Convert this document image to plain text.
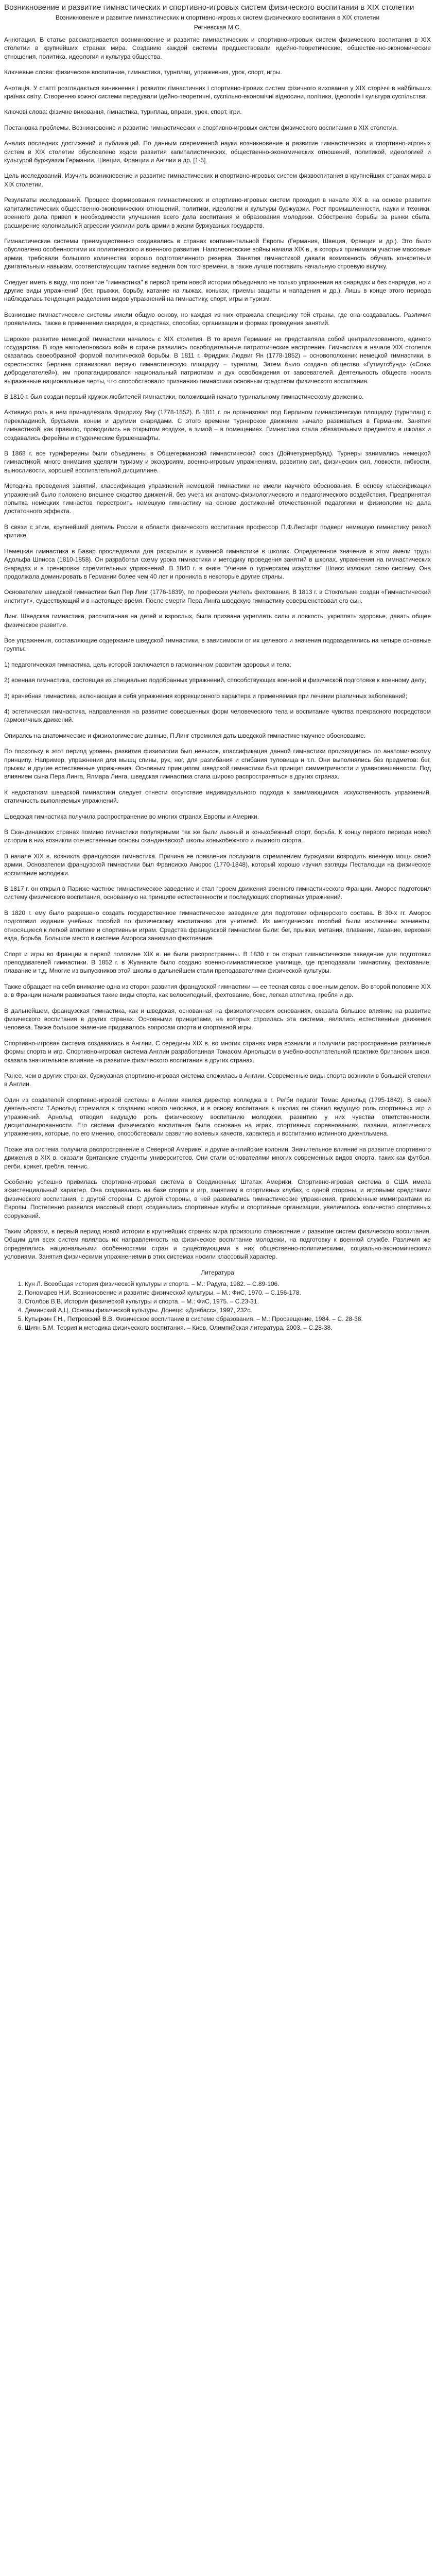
Возникновение и развитие гимнастических и спортивно-игровых систем физического воспитания в XIX столетии
Возникновение и развитие гимнастических и спортивно-игровых систем физического воспитания в XIX столетии
Регневская М.С.
Аннотация. В статье рассматривается возникновение и развитие гимнастических и спортивно-игровых систем физического воспитания в XIX столетии в крупнейших странах мира. Созданию каждой системы предшествовали идейно-теоретические, общественно-экономические отношения, политика, идеология и культура общества.
Ключевые слова: физическое воспитание, гимнастика, турнплац, упражнения, урок, спорт, игры.
Анотація. У статті розглядається виникнення і розвиток гімнастичних і спортивно-ігрових систем фізичного виховання у XIX сторіччі в найбільших країнах світу. Створенню кожної системи передували ідейно-теоретичні, суспільно-економічні відносини, політика, ідеологія і культура суспільства.
Ключові слова: фізичне виховання, гімнастика, турнплац, вправи, урок, спорт, ігри.
Постановка проблемы. Возникновение и развитие гимнастических и спортивно-игровых систем физического воспитания в XIX столетии.
Анализ последних достижений и публикаций. По данным современной науки возникновение и развитие гимнастических и спортивно-игровых систем в XIX столетии обусловлено ходом развития капиталистических, общественно-экономических отношений, политикой, идеологией и культурой буржуазии Германии, Швеции, Франции и Англии и др. [1-5].
Цель исследований. Изучить возникновение и развитие гимнастических и спортивно-игровых систем физвоспитания в крупнейших странах мира в XIX столетии.
Результаты исследований. Процесс формирования гимнастических и спортивно-игровых систем проходил в начале XIX в. на основе развития капиталистических общественно-экономических отношений, политики, идеологии и культуры буржуазии. Рост промышленности, науки и техники, военного дела привел к необходимости улучшения всего дела воспитания и образования молодежи. Обострение борьбы за рынки сбыта, расширение колониальной агрессии усилили роль армии в жизни буржуазных государств.
Гимнастические системы преимущественно создавались в странах континентальной Европы (Германия, Швеция, Франция и др.). Это было обусловлено особенностями их политического и военного развития. Наполеоновские войны начала XIX в., в которых принимали участие массовые армии, требовали большого количества хорошо подготовленного резерва. Занятия гимнастикой давали возможность обучать конкретным двигательным навыкам, соответствующим тактике ведения боя того времени, а также лучше поставить начальную строевую выучку.
Следует иметь в виду, что понятие "гимнастика" в первой трети новой истории объединяло не только упражнения на снарядах и без снарядов, но и другие виды упражнений (бег, прыжки, борьбу, катание на лыжах, коньках, приемы защиты и нападения и др.). Лишь в конце этого периода наблюдалась тенденция разделения видов упражнений на гимнастику, спорт, игры и туризм.
Возникшие гимнастические системы имели общую основу, но каждая из них отражала специфику той страны, где она создавалась. Различия проявлялись, также в применении снарядов, в средствах, способах, организации и формах проведения занятий.
Широкое развитие немецкой гимнастики началось с XIX столетия. В то время Германия не представляла собой централизованного, единого государства. В ходе наполеоновских войн в стране развились освободительные патриотические настроения. Гимнастика в начале XIX столетия оказалась своеобразной формой политической борьбы. В 1811 г. Фридрих Людвиг Ян (1778-1852) – основоположник немецкой гимнастики, в окрестностях Берлина организовал первую гимнастическую площадку – турнплац. Затем было создано общество «Гутмутсбунд» («Союз доброделателей»), им пропагандировался национальный патриотизм и дух освобождения от завоевателей. Деятельность обществ носила выраженные национальные черты, что способствовало признанию гимнастики основным средством физического воспитания.
В 1810 г. был создан первый кружок любителей гимнастики, положивший начало туринальному гимнастическому движению.
Активную роль в нем принадлежала Фридриху Яну (1778-1852). В 1811 г. он организовал под Берлином гимнастическую площадку (турнплац) с перекладиной, брусьями, конем и другими снарядами. С этого времени турнерское движение начало развиваться в Германии. Занятия гимнастикой, как правило, проводились на открытом воздухе, а зимой – в помещениях. Гимнастика стала обязательным предметом в школах и создавались ферейны и студенческие буршеншафты.
В 1868 г. все турнфереины были объединены в Общегерманский гимнастический союз (Дойчетурнербунд). Турнеры занимались немецкой гимнастикой, много внимания уделяли туризму и экскурсиям, военно-игровым упражнениям, развитию сил, физических сил, ловкости, гибкости, выносливости, хорошей воспитательной дисциплине.
Методика проведения занятий, классификация упражнений немецкой гимнастики не имели научного обоснования. В основу классификации упражнений было положено внешнее сходство движений, без учета их анатомо-физиологического и педагогического воздействия. Предпринятая попытка немецких гимнастов перестроить немецкую гимнастику на основе достижений отечественной педагогики и физиологии не дала достаточного эффекта.
В связи с этим, крупнейший деятель России в области физического воспитания профессор П.Ф.Лесгафт подверг немецкую гимнастику резкой критике.
Немецкая гимнастика в Бавар проследовали для раскрытия в гуманной гимнастике в школах. Определенное значение в этом имели труды Адольфа Шписса (1810-1858). Он разработал схему урока гимнастики и методику проведения занятий в школах, упражнения на гимнастических снарядах и в тренировке стремительных упражнений. В 1840 г. в книге "Учение о турнерском искусстве" Шписс изложил свою систему. Она продолжала доминировать в Германии более чем 40 лет и проникла в некоторые другие страны.
Основателем шведской гимнастики был Пер Линг (1776-1839), по профессии учитель фехтования. В 1813 г. в Стокгольме создан «Гимнастический институт», существующий и в настоящее время. После смерти Пера Линга шведскую гимнастику совершенствовал его сын.
Линг. Шведская гимнастика, рассчитанная на детей и взрослых, была призвана укреплять силы и ловкость, укреплять здоровье, давать общее физическое развитие.
Все упражнения, составляющие содержание шведской гимнастики, в зависимости от их целевого и значения подразделялись на четыре основные группы:
1) педагогическая гимнастика, цель которой заключается в гармоничном развитии здоровья и тела;
2) военная гимнастика, состоящая из специально подобранных упражнений, способствующих военной и физической подготовке к военному делу;
3) врачебная гимнастика, включающая в себя упражнения коррекционного характера и применяемая при лечении различных заболеваний;
4) эстетическая гимнастика, направленная на развитие совершенных форм человеческого тела и воспитание чувства прекрасного посредством гармоничных движений.
Опираясь на анатомические и физиологические данные, П.Линг стремился дать шведской гимнастике научное обоснование.
По поскольку в этот период уровень развития физиологии был невысок, классификация данной гимнастики производилась по анатомическому принципу. Например, упражнения для мышц спины, рук, ног, для разгибания и сгибания туловища и т.п. Они выполнялись без предметов: бег, прыжки и другие естественные упражнения. Основным принципом шведской гимнастики был принцип симметричности и уравновешенности. Под влиянием сына Пера Линга, Ялмара Линга, шведская гимнастика стала широко распространяться в других странах.
К недостаткам шведской гимнастики следует отнести отсутствие индивидуального подхода к занимающимся, искусственность упражнений, статичность выполняемых упражнений.
Шведская гимнастика получила распространение во многих странах Европы и Америки.
В Скандинавских странах помимо гимнастики популярными так же были лыжный и конькобежный спорт, борьба. К концу первого периода новой истории в них возникли отечественные основы скандинавской школы конькобежного и лыжного спорта.
В начале XIX в. возникла французская гимнастика. Причина ее появления послужила стремлением буржуазии возродить военную мощь своей армии. Основателем французской гимнастики был Франсиско Аморос (1770-1848), который хорошо изучил взгляды Песталоцци на физическое воспитание молодежи.
В 1817 г. он открыл в Париже частное гимнастическое заведение и стал героем движения военного гимнастического Франции. Аморос подготовил систему физического воспитания, основанную на принципе естественности и последующих спортивных упражнений.
В 1820 г. ему было разрешено создать государственное гимнастическое заведение для подготовки офицерского состава. В 30-х гг. Аморос подготовил издание учебных пособий по физическому воспитанию для учителей. Из методических пособий были исключены элементы, относящиеся к легкой атлетике и спортивным играм. Средства французской гимнастики были: бег, прыжки, метания, плавание, лазание, верховая езда, борьба. Большое место в системе Амороса занимало фехтование.
Спорт и игры во Франции в первой половине XIX в. не были распространены. В 1830 г. он открыл гимнастическое заведение для подготовки преподавателей гимнастики. В 1852 г. в Жуанвиле было создано военно-гимнастическое училище, где преподавали гимнастику, фехтование, плавание и т.д. Многие из выпускников этой школы в дальнейшем стали преподавателями физической культуры.
Также обращает на себя внимание одна из сторон развития французской гимнастики — ее тесная связь с военным делом. Во второй половине XIX в. в Франции начали развиваться такие виды спорта, как велосипедный, фехтование, бокс, легкая атлетика, гребля и др.
В дальнейшем, французская гимнастика, как и шведская, основанная на физиологических основаниях, оказала большое влияние на развитие физического воспитания в других странах. Основными принципами, на которых строилась эта система, являлись естественные движения человека. Также большое значение придавалось вопросам спорта и спортивной игры.
Спортивно-игровая система создавалась в Англии. С середины XIX в. во многих странах мира возникли и получили распространение различные формы спорта и игр. Спортивно-игровая система Англии разработанная Томасом Арнольдом в учебно-воспитательной практике британских школ, оказала значительное влияние на развитие физического воспитания в других странах.
Ранее, чем в других странах, буржуазная спортивно-игровая система сложилась в Англии. Современные виды спорта возникли в большей степени в Англии.
Один из создателей спортивно-игровой системы в Англии явился директор колледжа в г. Регби педагог Томас Арнольд (1795-1842). В своей деятельности Т.Арнольд стремился к созданию нового человека, и в основу воспитания в школах он ставил ведущую роль спортивных игр и упражнений. Арнольд отводил ведущую роль физическому воспитанию молодежи, развитию у них чувства ответственности, дисциплинированности. Его система физического воспитания была основана на играх, спортивных соревнованиях, лазании, атлетических упражнениях, которые, по его мнению, способствовали развитию волевых качеств, характера и воспитанию истинного джентльмена.
Позже эта система получила распространение в Северной Америке, и другие английские колонии. Значительное влияние на развитие спортивного движения в XIX в. оказали британские студенты университетов. Они стали основателями многих современных видов спорта, таких как футбол, регби, крикет, гребля, теннис.
Особенно успешно привилась спортивно-игровая система в Соединенных Штатах Америки. Спортивно-игровая система в США имела экзистенциальный характер. Она создавалась на базе спорта и игр, занятиям в спортивных клубах, с одной стороны, и игровыми средствами физического воспитания, с другой стороны. С другой стороны, в ней развивались гимнастические упражнения, привезенные иммигрантами из Европы. Постепенно развился массовый спорт, создавались спортивные клубы и спортивные организации, увеличилось количество спортивных сооружений.
Таким образом, в первый период новой истории в крупнейших странах мира произошло становление и развитие систем физического воспитания. Общим для всех систем являлась их направленность на физическое воспитание молодежи, на подготовку к военной службе. Различия же определялись национальными особенностями стран и существующими в них общественно-политическими, социально-экономическими условиями. Занятия физическими упражнениями в этих системах носили классовый характер.
Литература
1. Кун Л. Всеобщая история физической культуры и спорта. – М.: Радуга, 1982. – С.89-106.
2. Пономарев Н.И. Возникновение и развитие физической культуры. – М.: ФиС, 1970. – С.156-178.
3. Столбов В.В. История физической культуры и спорта. – М.: ФиС, 1975. – С.23-31.
4. Деминский А.Ц. Основы физической культуры. Донецк: «Донбасс», 1997, 232с.
5. Кутыркин Г.Н., Петровский В.В. Физическое воспитание в системе образования. – М.: Просвещение, 1984. – С. 28-38.
6. Шиян Б.М. Теория и методика физического воспитания. – Киев, Олимпийская литература, 2003. – С.28-38.
